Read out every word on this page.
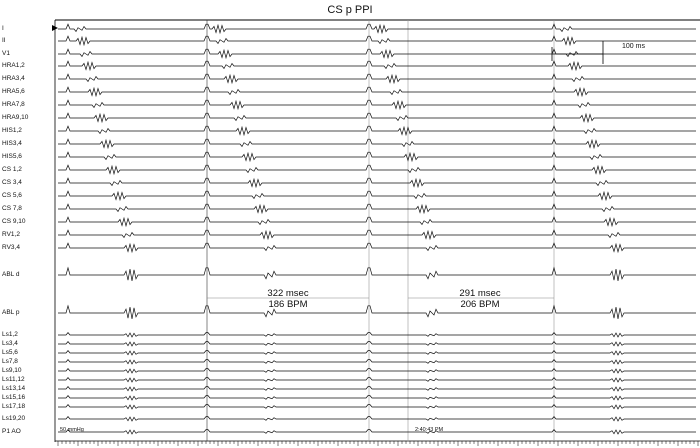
CS p PPI
I
II
V1
HRA1,2
HRA3,4
HRA5,6
HRA7,8
HRA9,10
HIS1,2
HIS3,4
HIS5,6
CS 1,2
CS 3,4
CS 5,6
CS 7,8
CS 9,10
RV1,2
RV3,4
ABL d
ABL p
Ls1,2
Ls3,4
Ls5,6
Ls7,8
Ls9,10
Ls11,12
Ls13,14
Ls15,16
Ls17,18
Ls19,20
P1 AO
100 ms
322 msec
186 BPM
291 msec
206 BPM
50 mmHg	2:40:43 PM
